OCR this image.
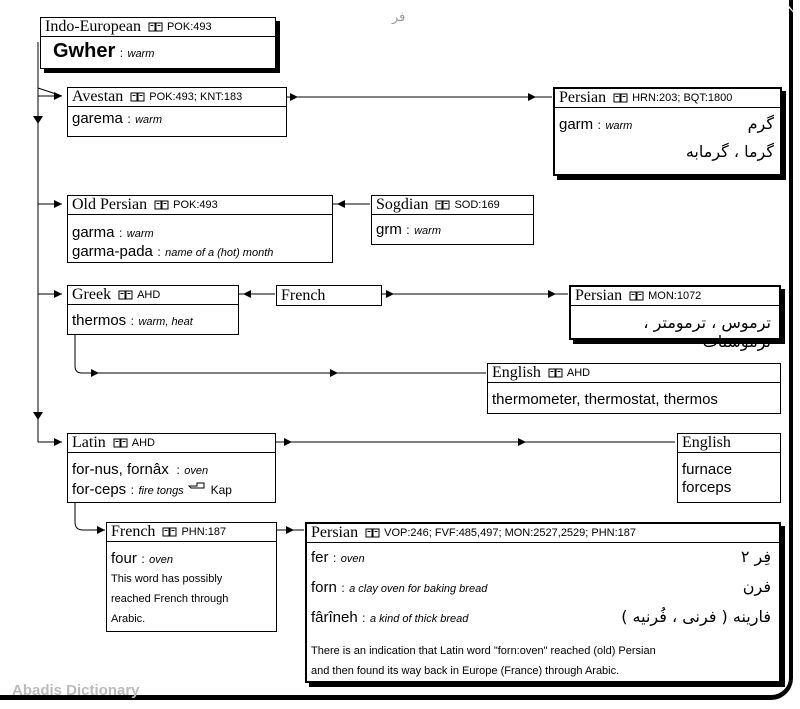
فر
Indo-European POK:493
Gwher : warm
Avestan POK:493; KNT:183
garema : warm
Persian HRN:203; BQT:1800
garm : warm	گرم
گرما ، گرمابه
Old Persian POK:493
garma : warm
garma-pada : name of a (hot) month
Sogdian SOD:169
grm : warm
Greek AHD
thermos : warm, heat
French	Persian MON:1072
ترموس ، ترمومتر ، ترموستات
English AHD
thermometer, thermostat, thermos
Latin AHD
for-nus, fornâx  : oven
for-ceps : fire tongs Kap
English
furnace
forceps
French PHN:187
four : oven
This word has possibly
reached French through
Arabic.
Persian VOP:246; FVF:485,497; MON:2527,2529; PHN:187
fer : oven	فِر ۲
forn : a clay oven for baking bread	فرن
fârîneh : a kind of thick bread	فارینه ( فرنی ، فُرنیه )
There is an indication that Latin word "forn:oven" reached (old) Persian
and then found its way back in Europe (France) through Arabic.
Abadis Dictionary
